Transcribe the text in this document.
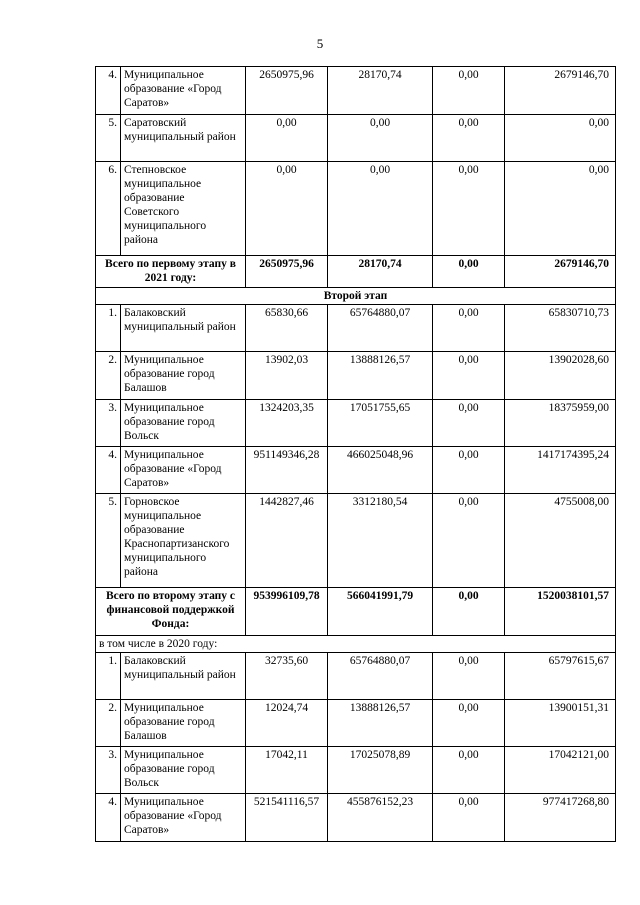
5
4.	Муниципальное образование «Город Саратов»	2650975,96	28170,74	0,00	2679146,70
5.	Саратовский муниципальный район	0,00	0,00	0,00	0,00
6.	Степновское муниципальное образование Советского муниципального района	0,00	0,00	0,00	0,00
Всего по первому этапу в 2021 году:		2650975,96	28170,74	0,00	2679146,70
Второй этап					
1.	Балаковский муниципальный район	65830,66	65764880,07	0,00	65830710,73
2.	Муниципальное образование город Балашов	13902,03	13888126,57	0,00	13902028,60
3.	Муниципальное образование город Вольск	1324203,35	17051755,65	0,00	18375959,00
4.	Муниципальное образование «Город Саратов»	951149346,28	466025048,96	0,00	1417174395,24
5.	Горновское муниципальное образование Краснопартизанского муниципального района	1442827,46	3312180,54	0,00	4755008,00
Всего по второму этапу с финансовой поддержкой Фонда:		953996109,78	566041991,79	0,00	1520038101,57
в том числе в 2020 году:					
1.	Балаковский муниципальный район	32735,60	65764880,07	0,00	65797615,67
2.	Муниципальное образование город Балашов	12024,74	13888126,57	0,00	13900151,31
3.	Муниципальное образование город Вольск	17042,11	17025078,89	0,00	17042121,00
4.	Муниципальное образование «Город Саратов»	521541116,57	455876152,23	0,00	977417268,80
